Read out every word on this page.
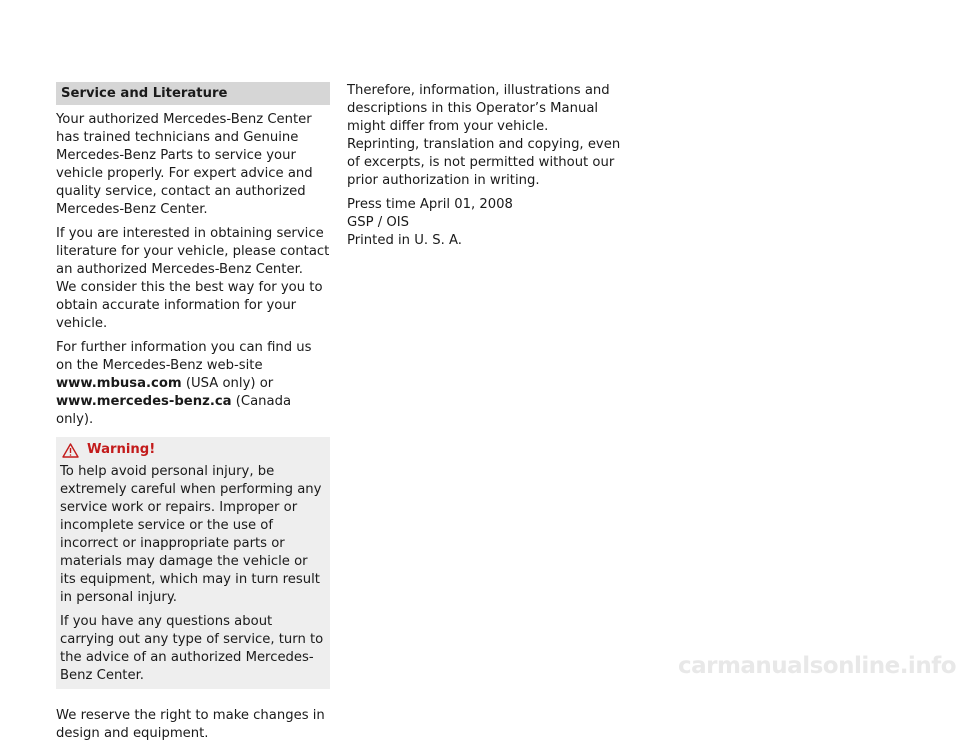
Service and Literature

Your authorized Mercedes-Benz Center has trained technicians and Genuine Mercedes-Benz Parts to service your vehicle properly. For expert advice and quality service, contact an authorized Mercedes-Benz Center.

If you are interested in obtaining service literature for your vehicle, please contact an authorized Mercedes-Benz Center.

We consider this the best way for you to obtain accurate information for your vehicle.

For further information you can find us on the Mercedes-Benz web-site www.mbusa.com (USA only) or www.mercedes-benz.ca (Canada only).

Warning!

To help avoid personal injury, be extremely careful when performing any service work or repairs. Improper or incomplete service or the use of incorrect or inappropriate parts or materials may damage the vehicle or its equipment, which may in turn result in personal injury.

If you have any questions about carrying out any type of service, turn to the advice of an authorized Mercedes-Benz Center.

We reserve the right to make changes in design and equipment.

Therefore, information, illustrations and descriptions in this Operator’s Manual might differ from your vehicle.

Reprinting, translation and copying, even of excerpts, is not permitted without our prior authorization in writing.

Press time April 01, 2008
GSP / OIS
Printed in U. S. A.
carmanualsonline.info
